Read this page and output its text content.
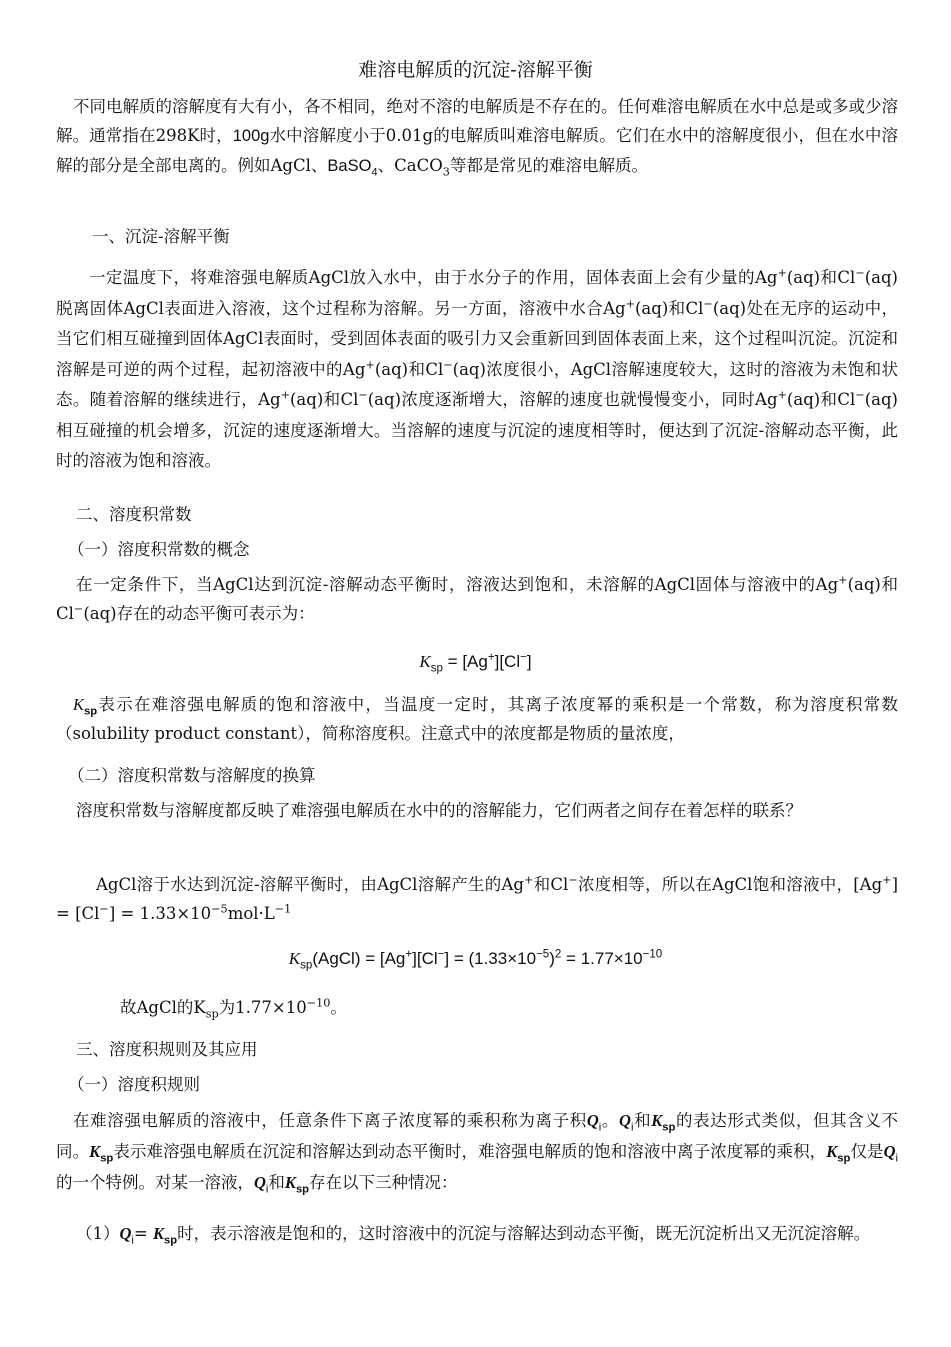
难溶电解质的沉淀-溶解平衡
不同电解质的溶解度有大有小，各不相同，绝对不溶的电解质是不存在的。任何难溶电解质在水中总是或多或少溶解。通常指在298K时，100g水中溶解度小于0.01g的电解质叫难溶电解质。它们在水中的溶解度很小，但在水中溶解的部分是全部电离的。例如AgCl、BaSO$_4$、CaCO$_3$等都是常见的难溶电解质。
一、沉淀-溶解平衡
一定温度下，将难溶强电解质AgCl放入水中，由于水分子的作用，固体表面上会有少量的Ag+(aq)和Cl−(aq)脱离固体AgCl表面进入溶液，这个过程称为溶解。另一方面，溶液中水合Ag+(aq)和Cl−(aq)处在无序的运动中，当它们相互碰撞到固体AgCl表面时，受到固体表面的吸引力又会重新回到固体表面上来，这个过程叫沉淀。沉淀和溶解是可逆的两个过程，起初溶液中的Ag+(aq)和Cl−(aq)浓度很小，AgCl溶解速度较大，这时的溶液为未饱和状态。随着溶解的继续进行，Ag+(aq)和Cl−(aq)浓度逐渐增大，溶解的速度也就慢慢变小，同时Ag+(aq)和Cl−(aq)相互碰撞的机会增多，沉淀的速度逐渐增大。当溶解的速度与沉淀的速度相等时，便达到了沉淀-溶解动态平衡，此时的溶液为饱和溶液。
二、溶度积常数
（一）溶度积常数的概念
在一定条件下，当AgCl达到沉淀-溶解动态平衡时，溶液达到饱和，未溶解的AgCl固体与溶液中的Ag+(aq)和Cl−(aq)存在的动态平衡可表示为：
$K_{sp} = [Ag^+][Cl^-]$
$K_{sp}$表示在难溶强电解质的饱和溶液中，当温度一定时，其离子浓度幂的乘积是一个常数，称为溶度积常数（solubility product constant），简称溶度积。注意式中的浓度都是物质的量浓度，
（二）溶度积常数与溶解度的换算
溶度积常数与溶解度都反映了难溶强电解质在水中的的溶解能力，它们两者之间存在着怎样的联系？
AgCl溶于水达到沉淀-溶解平衡时，由AgCl溶解产生的Ag+和Cl−浓度相等，所以在AgCl饱和溶液中，$[Ag^+] = [Cl^-] = 1.33\times 10^{-5}mol\cdot L^{-1}$
$K_{sp}(AgCl) = [Ag^+][Cl^-] = (1.33\times 10^{-5})^2 = 1.77\times 10^{-10}$
故AgCl的$K_{sp}$为$1.77\times 10^{-10}$。
三、溶度积规则及其应用
（一）溶度积规则
在难溶强电解质的溶液中，任意条件下离子浓度幂的乘积称为离子积$Q_i$。$Q_i$和$K_{sp}$的表达形式类似，但其含义不同。$K_{sp}$表示难溶强电解质在沉淀和溶解达到动态平衡时，难溶强电解质的饱和溶液中离子浓度幂的乘积，$K_{sp}$仅是$Q_i$的一个特例。对某一溶液，$Q_i$和$K_{sp}$存在以下三种情况：
$(1)Q_i= K_{sp}$时，表示溶液是饱和的，这时溶液中的沉淀与溶解达到动态平衡，既无沉淀析出又无沉淀溶解。
